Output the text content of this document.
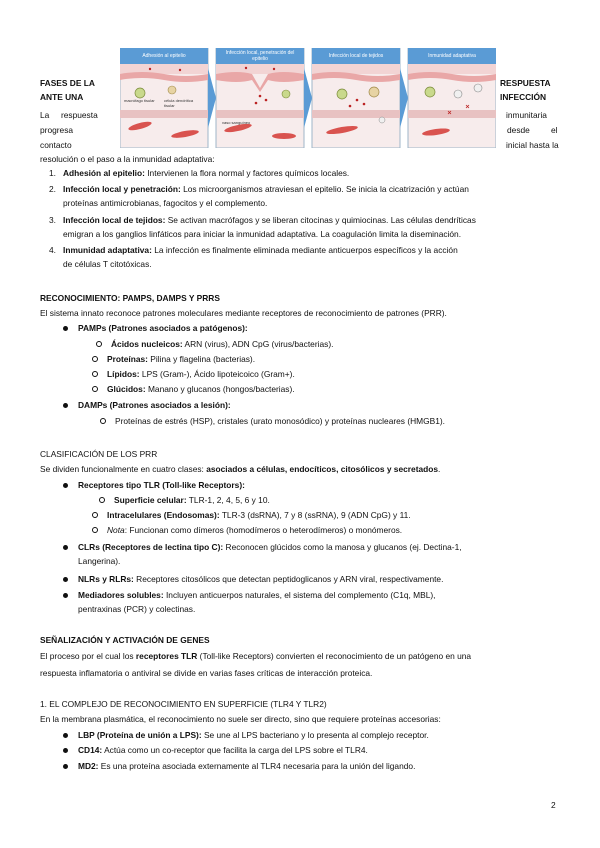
Adhesión al epitelio
macrófago tisular célula dendrítica tisular
Infección local, penetración del epitelio
vaso sanguíneo
Infección local de tejidos	Inmunidad adaptativa
FASES DE LA	RESPUESTA
ANTE UNA	INFECCIÓN
La     respuesta	inmunitaria
progresa	desde	el
contacto	inicial hasta la
resolución o el paso a la inmunidad adaptativa:
1. Adhesión al epitelio: Intervienen la flora normal y factores químicos locales.
2. Infección local y penetración: Los microorganismos atraviesan el epitelio. Se inicia la cicatrización y actúan
proteínas antimicrobianas, fagocitos y el complemento.
3. Infección local de tejidos: Se activan macrófagos y se liberan citocinas y quimiocinas. Las células dendríticas
emigran a los ganglios linfáticos para iniciar la inmunidad adaptativa. La coagulación limita la diseminación.
4. Inmunidad adaptativa: La infección es finalmente eliminada mediante anticuerpos específicos y la acción
de células T citotóxicas.
RECONOCIMIENTO: PAMPS, DAMPS Y PRRS
El sistema innato reconoce patrones moleculares mediante receptores de reconocimiento de patrones (PRR).
PAMPs (Patrones asociados a patógenos):
Ácidos nucleicos: ARN (virus), ADN CpG (virus/bacterias).
Proteínas: Pilina y flagelina (bacterias).
Lípidos: LPS (Gram-), Ácido lipoteicoico (Gram+).
Glúcidos: Manano y glucanos (hongos/bacterias).
DAMPs (Patrones asociados a lesión):
Proteínas de estrés (HSP), cristales (urato monosódico) y proteínas nucleares (HMGB1).
CLASIFICACIÓN DE LOS PRR
Se dividen funcionalmente en cuatro clases: asociados a células, endocíticos, citosólicos y secretados.
Receptores tipo TLR (Toll-like Receptors):
Superficie celular: TLR-1, 2, 4, 5, 6 y 10.
Intracelulares (Endosomas): TLR-3 (dsRNA), 7 y 8 (ssRNA), 9 (ADN CpG) y 11.
Nota: Funcionan como dímeros (homodímeros o heterodímeros) o monómeros.
CLRs (Receptores de lectina tipo C): Reconocen glúcidos como la manosa y glucanos (ej. Dectina-1,
Langerina).
NLRs y RLRs: Receptores citosólicos que detectan peptidoglicanos y ARN viral, respectivamente.
Mediadores solubles: Incluyen anticuerpos naturales, el sistema del complemento (C1q, MBL),
pentraxinas (PCR) y colectinas.
SEÑALIZACIÓN Y ACTIVACIÓN DE GENES
El proceso por el cual los receptores TLR (Toll-like Receptors) convierten el reconocimiento de un patógeno en una
respuesta inflamatoria o antiviral se divide en varias fases críticas de interacción proteica.
1. EL COMPLEJO DE RECONOCIMIENTO EN SUPERFICIE (TLR4 Y TLR2)
En la membrana plasmática, el reconocimiento no suele ser directo, sino que requiere proteínas accesorias:
LBP (Proteína de unión a LPS): Se une al LPS bacteriano y lo presenta al complejo receptor.
CD14: Actúa como un co-receptor que facilita la carga del LPS sobre el TLR4.
MD2: Es una proteína asociada externamente al TLR4 necesaria para la unión del ligando.
2
